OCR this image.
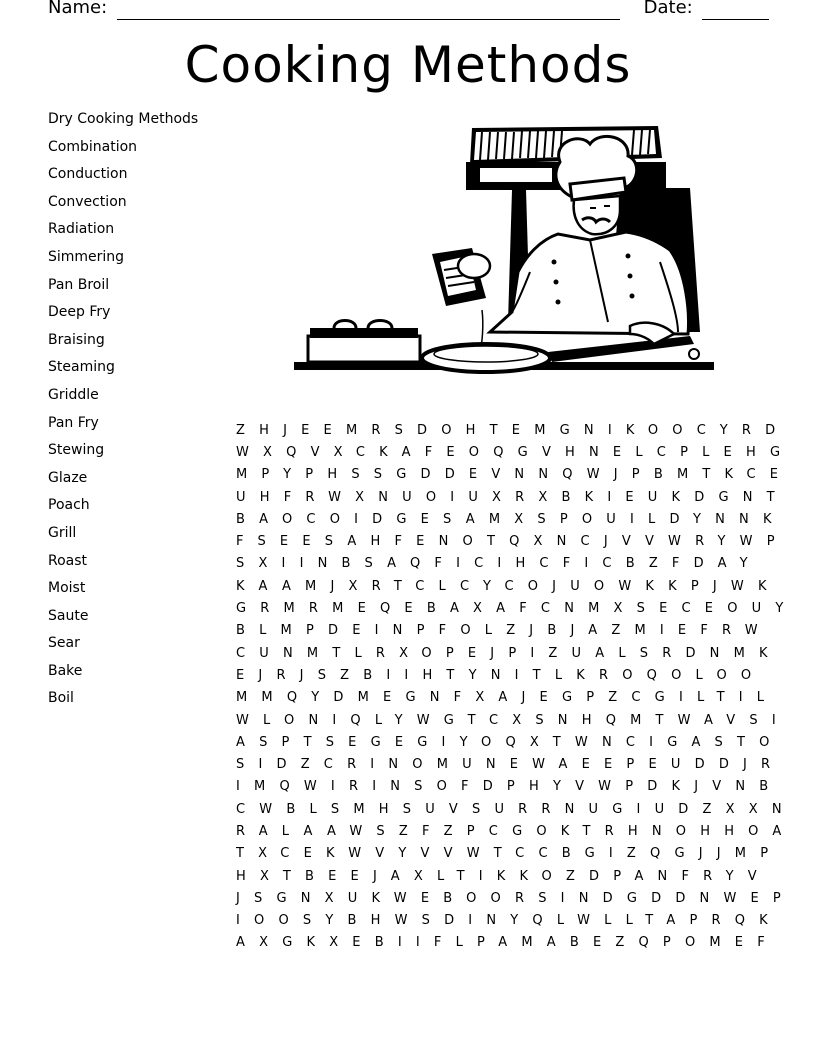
Name:	Date:
Cooking Methods
Dry Cooking Methods
Combination
Conduction
Convection
Radiation
Simmering
Pan Broil
Deep Fry
Braising
Steaming
Griddle
Pan Fry
Stewing
Glaze
Poach
Grill
Roast
Moist
Saute
Sear
Bake
Boil
ZHJEEMRSDOHTEMGNIKOOCYRD
WXQVXCKAFEOQGVHNELCPLEHG
MPYPHSSGDDEVNNQWJPBMTKCE
UHFRWXNUOIUXRXBKIEUKDGNT
BAOCOIDGESAMXSPOUILDYNNK
FSEESAHFENOTQXNCJVVWRYWP
SXIINBSAQFICIHCFICBZFDAY
KAAMJXRTCLCYCOJUOWKKPJWK
GRMRMEQEBAXAFCNMXSECEOUY
BLMPDEINPFOLZJBJAZMIEFRW
CUNMTLRXOPEJPIZUALSRDNMK
EJRJSZBIIHTYNITLKROQOLOO
MMQYDMEGNFXAJEGPZCGILTIL
WLONIQLYWGTCXSNHQMTWAVSI
ASPTSEGEGIYOQXTWNCIGASTO
SIDZCRINOMUNEWAEEPEUDDJR
IMQWIRINSOFDPHYVWPDKJVNB
CWBLSMHSUVSURRNUGIUDZXXN
RALAAWSZFZPCGOKTRHNOHHOA
TXCEKWVYVVWTCCBGIZQGJJMP
HXTBEEJAXLTIKKOZDPANFRYV
JSGNXUKWEBOORSINDGDDNWEP
IOOSYBHWSDINYQLWLLTAPRQK
AXGKXEBIIFLPAMABEZQPOMEF
